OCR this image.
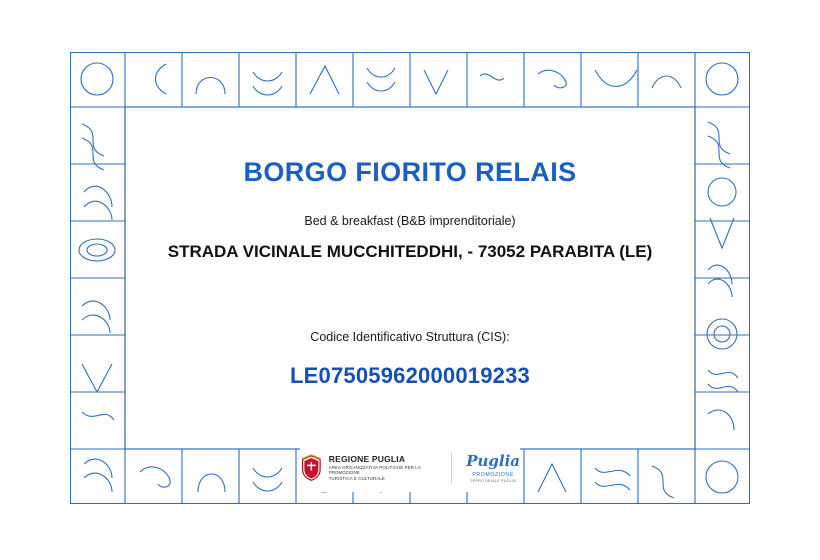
BORGO FIORITO RELAIS
Bed & breakfast (B&B imprenditoriale)
STRADA VICINALE MUCCHITEDDHI, - 73052 PARABITA (LE)
Codice Identificativo Struttura (CIS):
LE07505962000019233
REGIONE PUGLIA
AREA ORGANIZZATIVA POLITICHE PER LA PROMOZIONE
TURISTICA E CULTURALE
Puglia
PROMOZIONE
TERRITORIALE PUGLIA
